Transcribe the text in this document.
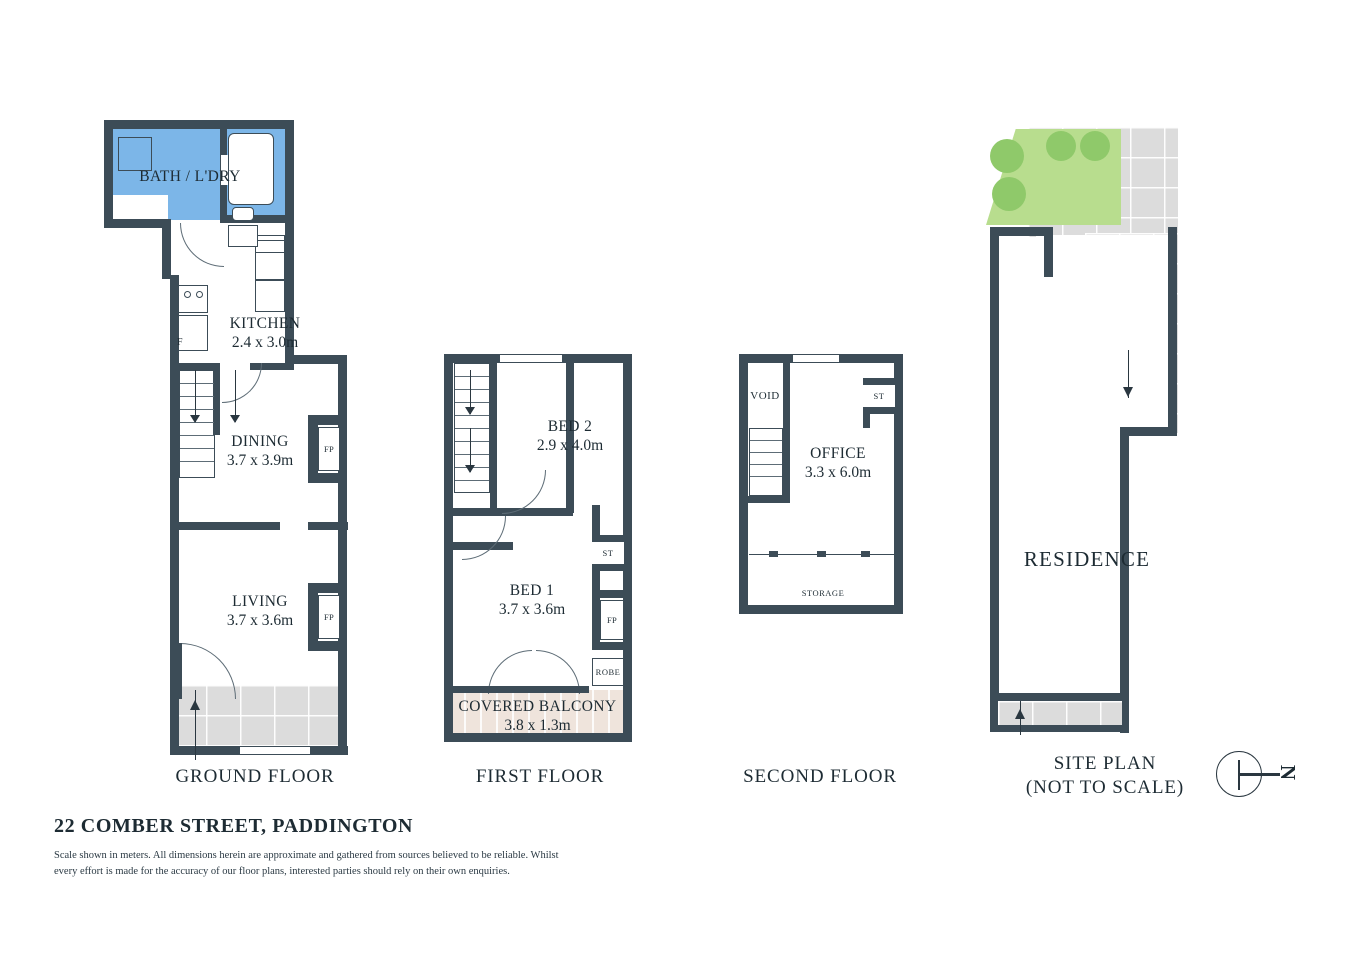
FP
FP
BATH / L'DRY
KITCHEN
2.4 x 3.0m
F
DINING
3.7 x 3.9m
LIVING
3.7 x 3.6m
GROUND FLOOR
ST
FP
ROBE
BED 2
2.9 x 4.0m
BED 1
3.7 x 3.6m
COVERED BALCONY
3.8 x 1.3m
FIRST FLOOR
ST
VOID
OFFICE
3.3 x 6.0m
STORAGE
SECOND FLOOR
RESIDENCE
SITE PLAN
(NOT TO SCALE)
N
22 COMBER STREET, PADDINGTON
Scale shown in meters. All dimensions herein are approximate and gathered from sources believed to be reliable. Whilst every effort is made for the accuracy of our floor plans, interested parties should rely on their own enquiries.
